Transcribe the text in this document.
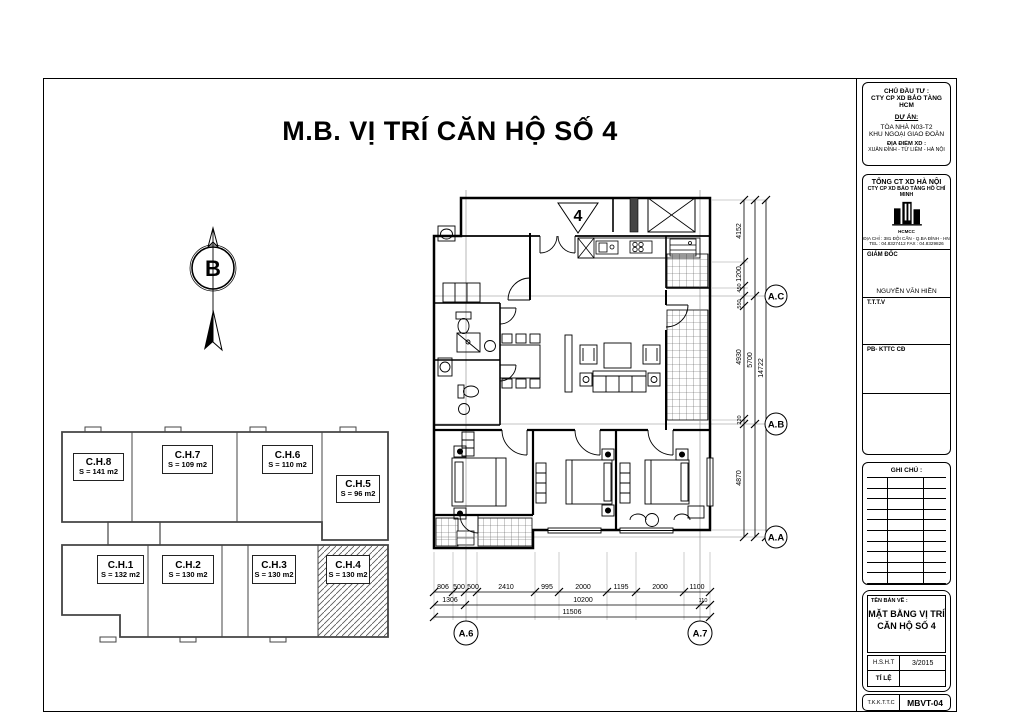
M.B. VỊ TRÍ CĂN HỘ SỐ 4
B
4
4152
1200
450
550
4930
220
4870
5700 14722
806 500 500	2410	995	2000	1195	2000	1100
1306	10200	110
11506
A.C
A.B
A.A
A.6	A.7
C.H.8
S = 141 m2
C.H.7
S = 109 m2
C.H.6
S = 110 m2
C.H.5
S = 96 m2
C.H.1
S = 132 m2
C.H.2
S = 130 m2
C.H.3
S = 130 m2
C.H.4
S = 130 m2
CHỦ ĐẦU TƯ :
CTY CP XD BẢO TÀNG HCM
DỰ ÁN:
TÒA NHÀ N03-T2
KHU NGOẠI GIAO ĐOÀN
ĐỊA ĐIỂM XD :
XUÂN ĐỈNH - TỪ LIÊM - HÀ NỘI
TỔNG CT XD HÀ NỘI
CTY CP XD BẢO TÀNG HỒ CHÍ MINH
HCMCC
ĐỊA CHỈ : 381 ĐỘI CẤN - Q.BA ĐÌNH - HN
TEL : 04.8327412 FAX : 04.8329826
GIÁM ĐỐC
NGUYỄN VĂN HIỀN
T.T.T.V
PB- KTTC CĐ
GHI CHÚ :
TÊN BẢN VẼ :
MẶT BẰNG VỊ TRÍ
CĂN HỘ SỐ 4
H.S.H.T	3/2015
TỈ LỆ
T.K.K.T.T.C	MBVT-04
